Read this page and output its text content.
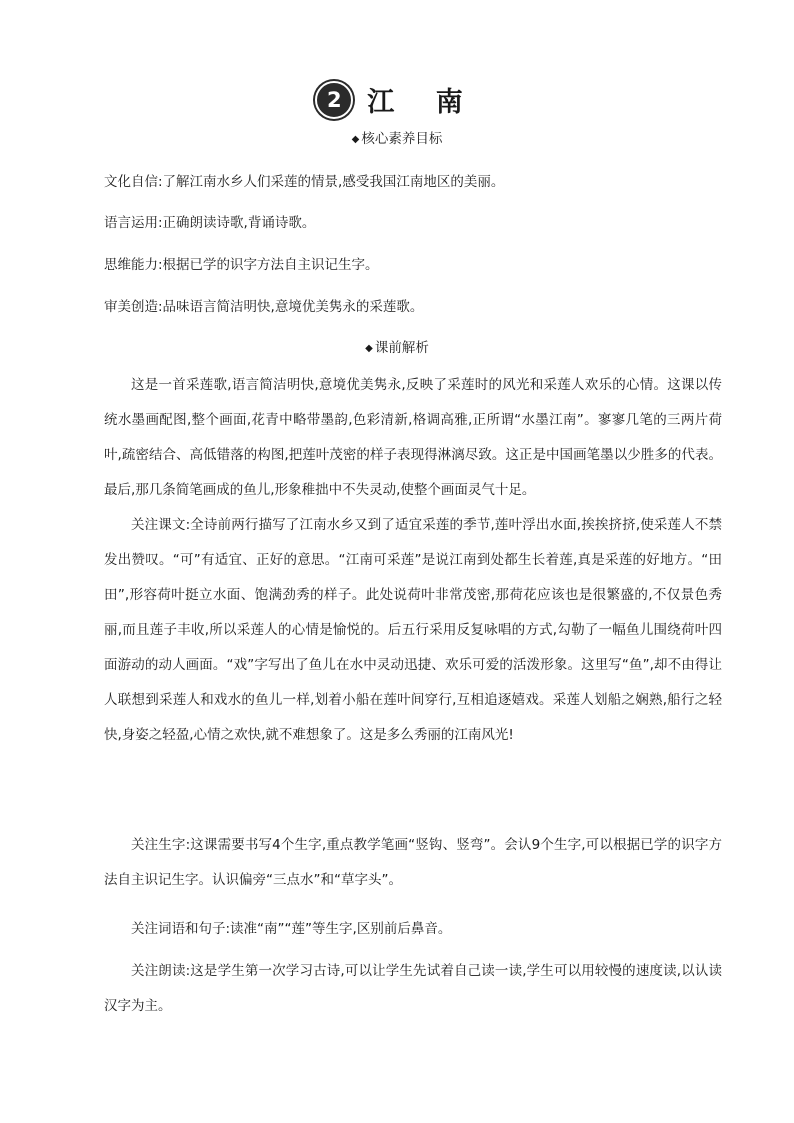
2 江 南
◆ 核心素养目标
文化自信:了解江南水乡人们采莲的情景,感受我国江南地区的美丽。
语言运用:正确朗读诗歌,背诵诗歌。
思维能力:根据已学的识字方法自主识记生字。
审美创造:品味语言简洁明快,意境优美隽永的采莲歌。
◆ 课前解析

这是一首采莲歌,语言简洁明快,意境优美隽永,反映了采莲时的风光和采莲人欢乐的心情。这课以传统水墨画配图,整个画面,花青中略带墨韵,色彩清新,格调高雅,正所谓“水墨江南”。寥寥几笔的三两片荷叶,疏密结合、高低错落的构图,把莲叶茂密的样子表现得淋漓尽致。这正是中国画笔墨以少胜多的代表。最后,那几条简笔画成的鱼儿,形象稚拙中不失灵动,使整个画面灵气十足。

关注课文:全诗前两行描写了江南水乡又到了适宜采莲的季节,莲叶浮出水面,挨挨挤挤,使采莲人不禁发出赞叹。“可”有适宜、正好的意思。“江南可采莲”是说江南到处都生长着莲,真是采莲的好地方。“田田”,形容荷叶挺立水面、饱满劲秀的样子。此处说荷叶非常茂密,那荷花应该也是很繁盛的,不仅景色秀丽,而且莲子丰收,所以采莲人的心情是愉悦的。后五行采用反复咏唱的方式,勾勒了一幅鱼儿围绕荷叶四面游动的动人画面。“戏”字写出了鱼儿在水中灵动迅捷、欢乐可爱的活泼形象。这里写“鱼”,却不由得让人联想到采莲人和戏水的鱼儿一样,划着小船在莲叶间穿行,互相追逐嬉戏。采莲人划船之娴熟,船行之轻快,身姿之轻盈,心情之欢快,就不难想象了。这是多么秀丽的江南风光!

关注生字:这课需要书写4个生字,重点教学笔画“竖钩、竖弯”。会认9个生字,可以根据已学的识字方法自主识记生字。认识偏旁“三点水”和“草字头”。

关注词语和句子:读准“南”“莲”等生字,区别前后鼻音。

关注朗读:这是学生第一次学习古诗,可以让学生先试着自己读一读,学生可以用较慢的速度读,以认读汉字为主。
